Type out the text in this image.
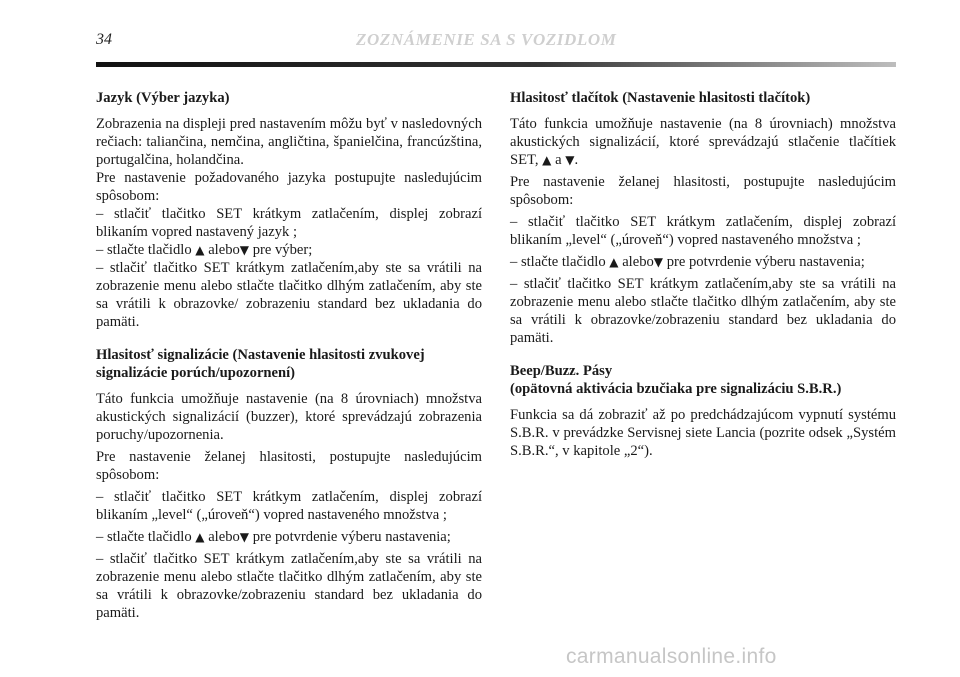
34	ZOZNÁMENIE SA S VOZIDLOM
Jazyk (Výber jazyka)

Zobrazenia na displeji pred nastavením môžu byť v nasledovných rečiach: taliančina, nemčina, angličtina, španielčina, francúzština, portugalčina, holandčina.

Pre nastavenie požadovaného jazyka postupujte nasledujúcim spôsobom:

– stlačiť tlačitko SET krátkym zatlačením, displej zobrazí blikaním vopred nastavený jazyk ;

– stlačte tlačidlo ▲ alebo▼ pre výber;

– stlačiť tlačitko SET krátkym zatlačením,aby ste sa vrátili na zobrazenie menu alebo stlačte tlačitko dlhým zatlačením, aby ste sa vrátili k obrazovke/ zobrazeniu standard bez ukladania do pamäti.

Hlasitosť signalizácie (Nastavenie hlasitosti zvukovej
signalizácie porúch/upozornení)

Táto funkcia umožňuje nastavenie (na 8 úrovniach) množstva akustických signalizácií (buzzer), ktoré sprevádzajú zobrazenia poruchy/upozornenia.

Pre nastavenie želanej hlasitosti, postupujte nasledujúcim spôsobom:

– stlačiť tlačitko SET krátkym zatlačením, displej zobrazí blikaním „level“ („úroveň“) vopred nastaveného množstva ;

– stlačte tlačidlo ▲ alebo▼ pre potvrdenie výberu nastavenia;

– stlačiť tlačitko SET krátkym zatlačením,aby ste sa vrátili na zobrazenie menu alebo stlačte tlačitko dlhým zatlačením, aby ste sa vrátili k obrazovke/zobrazeniu standard bez ukladania do pamäti.

Hlasitosť tlačítok (Nastavenie hlasitosti tlačítok)

Táto funkcia umožňuje nastavenie (na 8 úrovniach) množstva akustických signalizácií, ktoré sprevádzajú stlačenie tlačítiek SET, ▲ a ▼.

Pre nastavenie želanej hlasitosti, postupujte nasledujúcim spôsobom:

– stlačiť tlačitko SET krátkym zatlačením, displej zobrazí blikaním „level“ („úroveň“) vopred nastaveného množstva ;

– stlačte tlačidlo ▲ alebo▼ pre potvrdenie výberu nastavenia;

– stlačiť tlačitko SET krátkym zatlačením,aby ste sa vrátili na zobrazenie menu alebo stlačte tlačitko dlhým zatlačením, aby ste sa vrátili k obrazovke/zobrazeniu standard bez ukladania do pamäti.

Beep/Buzz. Pásy
(opätovná aktivácia bzučiaka pre signalizáciu S.B.R.)

Funkcia sa dá zobraziť až po predchádzajúcom vypnutí systému S.B.R. v prevádzke Servisnej siete Lancia (pozrite odsek „Systém S.B.R.“, v kapitole „2“).

carmanualsonline.info
